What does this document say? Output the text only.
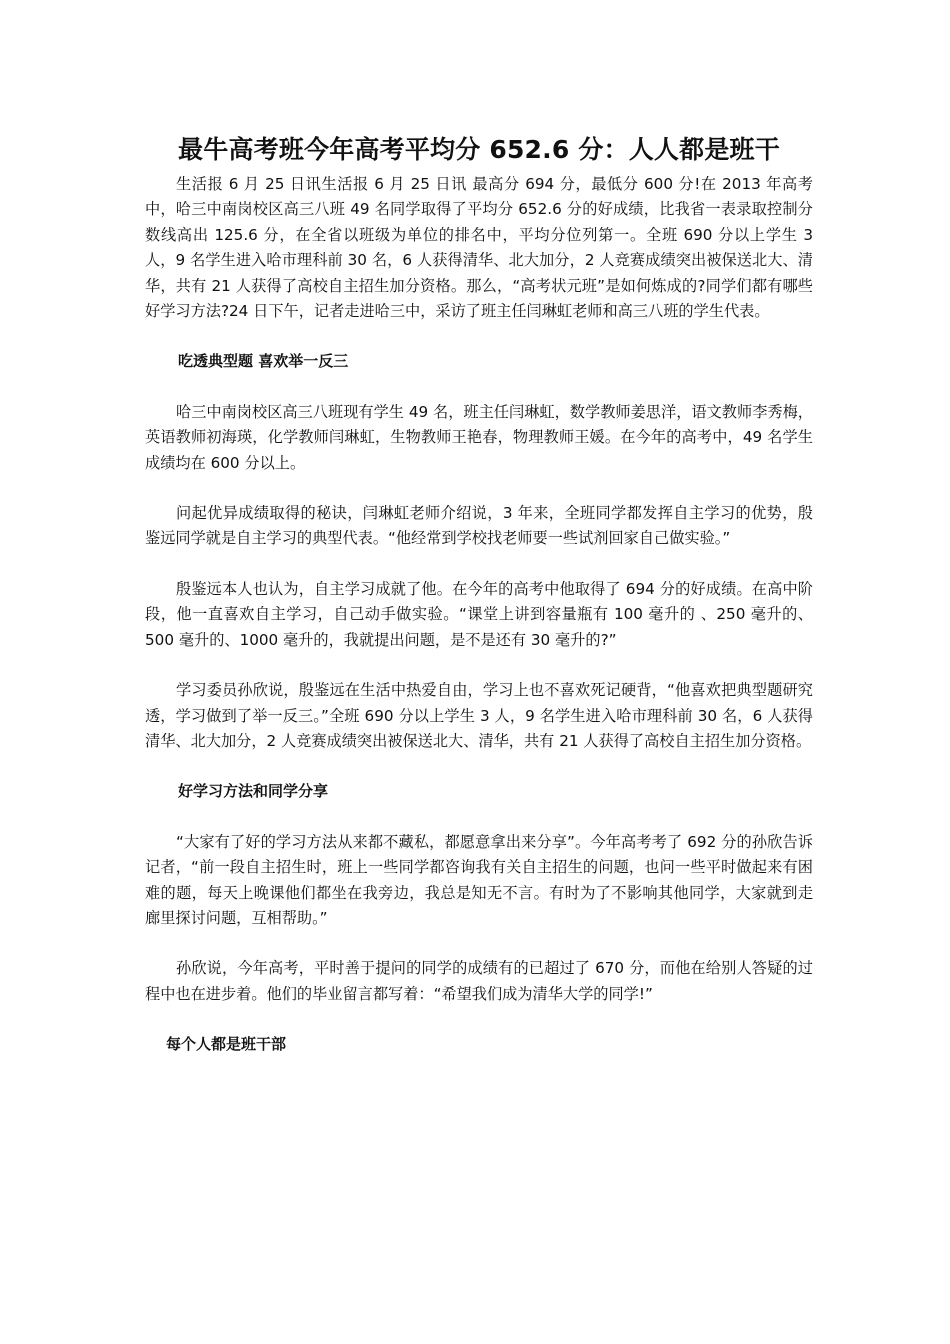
最牛高考班今年高考平均分 652.6 分：人人都是班干

生活报 6 月 25 日讯生活报 6 月 25 日讯 最高分 694 分，最低分 600 分!在 2013 年高考中，哈三中南岗校区高三八班 49 名同学取得了平均分 652.6 分的好成绩，比我省一表录取控制分数线高出 125.6 分，在全省以班级为单位的排名中，平均分位列第一。全班 690 分以上学生 3 人，9 名学生进入哈市理科前 30 名，6 人获得清华、北大加分，2 人竞赛成绩突出被保送北大、清华，共有 21 人获得了高校自主招生加分资格。那么，“高考状元班”是如何炼成的?同学们都有哪些好学习方法?24 日下午，记者走进哈三中，采访了班主任闫琳虹老师和高三八班的学生代表。

吃透典型题 喜欢举一反三

哈三中南岗校区高三八班现有学生 49 名，班主任闫琳虹，数学教师姜思洋，语文教师李秀梅，英语教师初海瑛，化学教师闫琳虹，生物教师王艳春，物理教师王媛。在今年的高考中，49 名学生成绩均在 600 分以上。

问起优异成绩取得的秘诀，闫琳虹老师介绍说，3 年来，全班同学都发挥自主学习的优势，殷鉴远同学就是自主学习的典型代表。“他经常到学校找老师要一些试剂回家自己做实验。”

殷鉴远本人也认为，自主学习成就了他。在今年的高考中他取得了 694 分的好成绩。在高中阶段，他一直喜欢自主学习，自己动手做实验。“课堂上讲到容量瓶有 100 毫升的 、250 毫升的、500 毫升的、1000 毫升的，我就提出问题，是不是还有 30 毫升的?”

学习委员孙欣说，殷鉴远在生活中热爱自由，学习上也不喜欢死记硬背，“他喜欢把典型题研究透，学习做到了举一反三。”全班 690 分以上学生 3 人，9 名学生进入哈市理科前 30 名，6 人获得清华、北大加分，2 人竞赛成绩突出被保送北大、清华，共有 21 人获得了高校自主招生加分资格。

好学习方法和同学分享

“大家有了好的学习方法从来都不藏私，都愿意拿出来分享”。今年高考考了 692 分的孙欣告诉记者，“前一段自主招生时，班上一些同学都咨询我有关自主招生的问题，也问一些平时做起来有困难的题，每天上晚课他们都坐在我旁边，我总是知无不言。有时为了不影响其他同学，大家就到走廊里探讨问题，互相帮助。”

孙欣说，今年高考，平时善于提问的同学的成绩有的已超过了 670 分，而他在给别人答疑的过程中也在进步着。他们的毕业留言都写着：“希望我们成为清华大学的同学!”

每个人都是班干部
